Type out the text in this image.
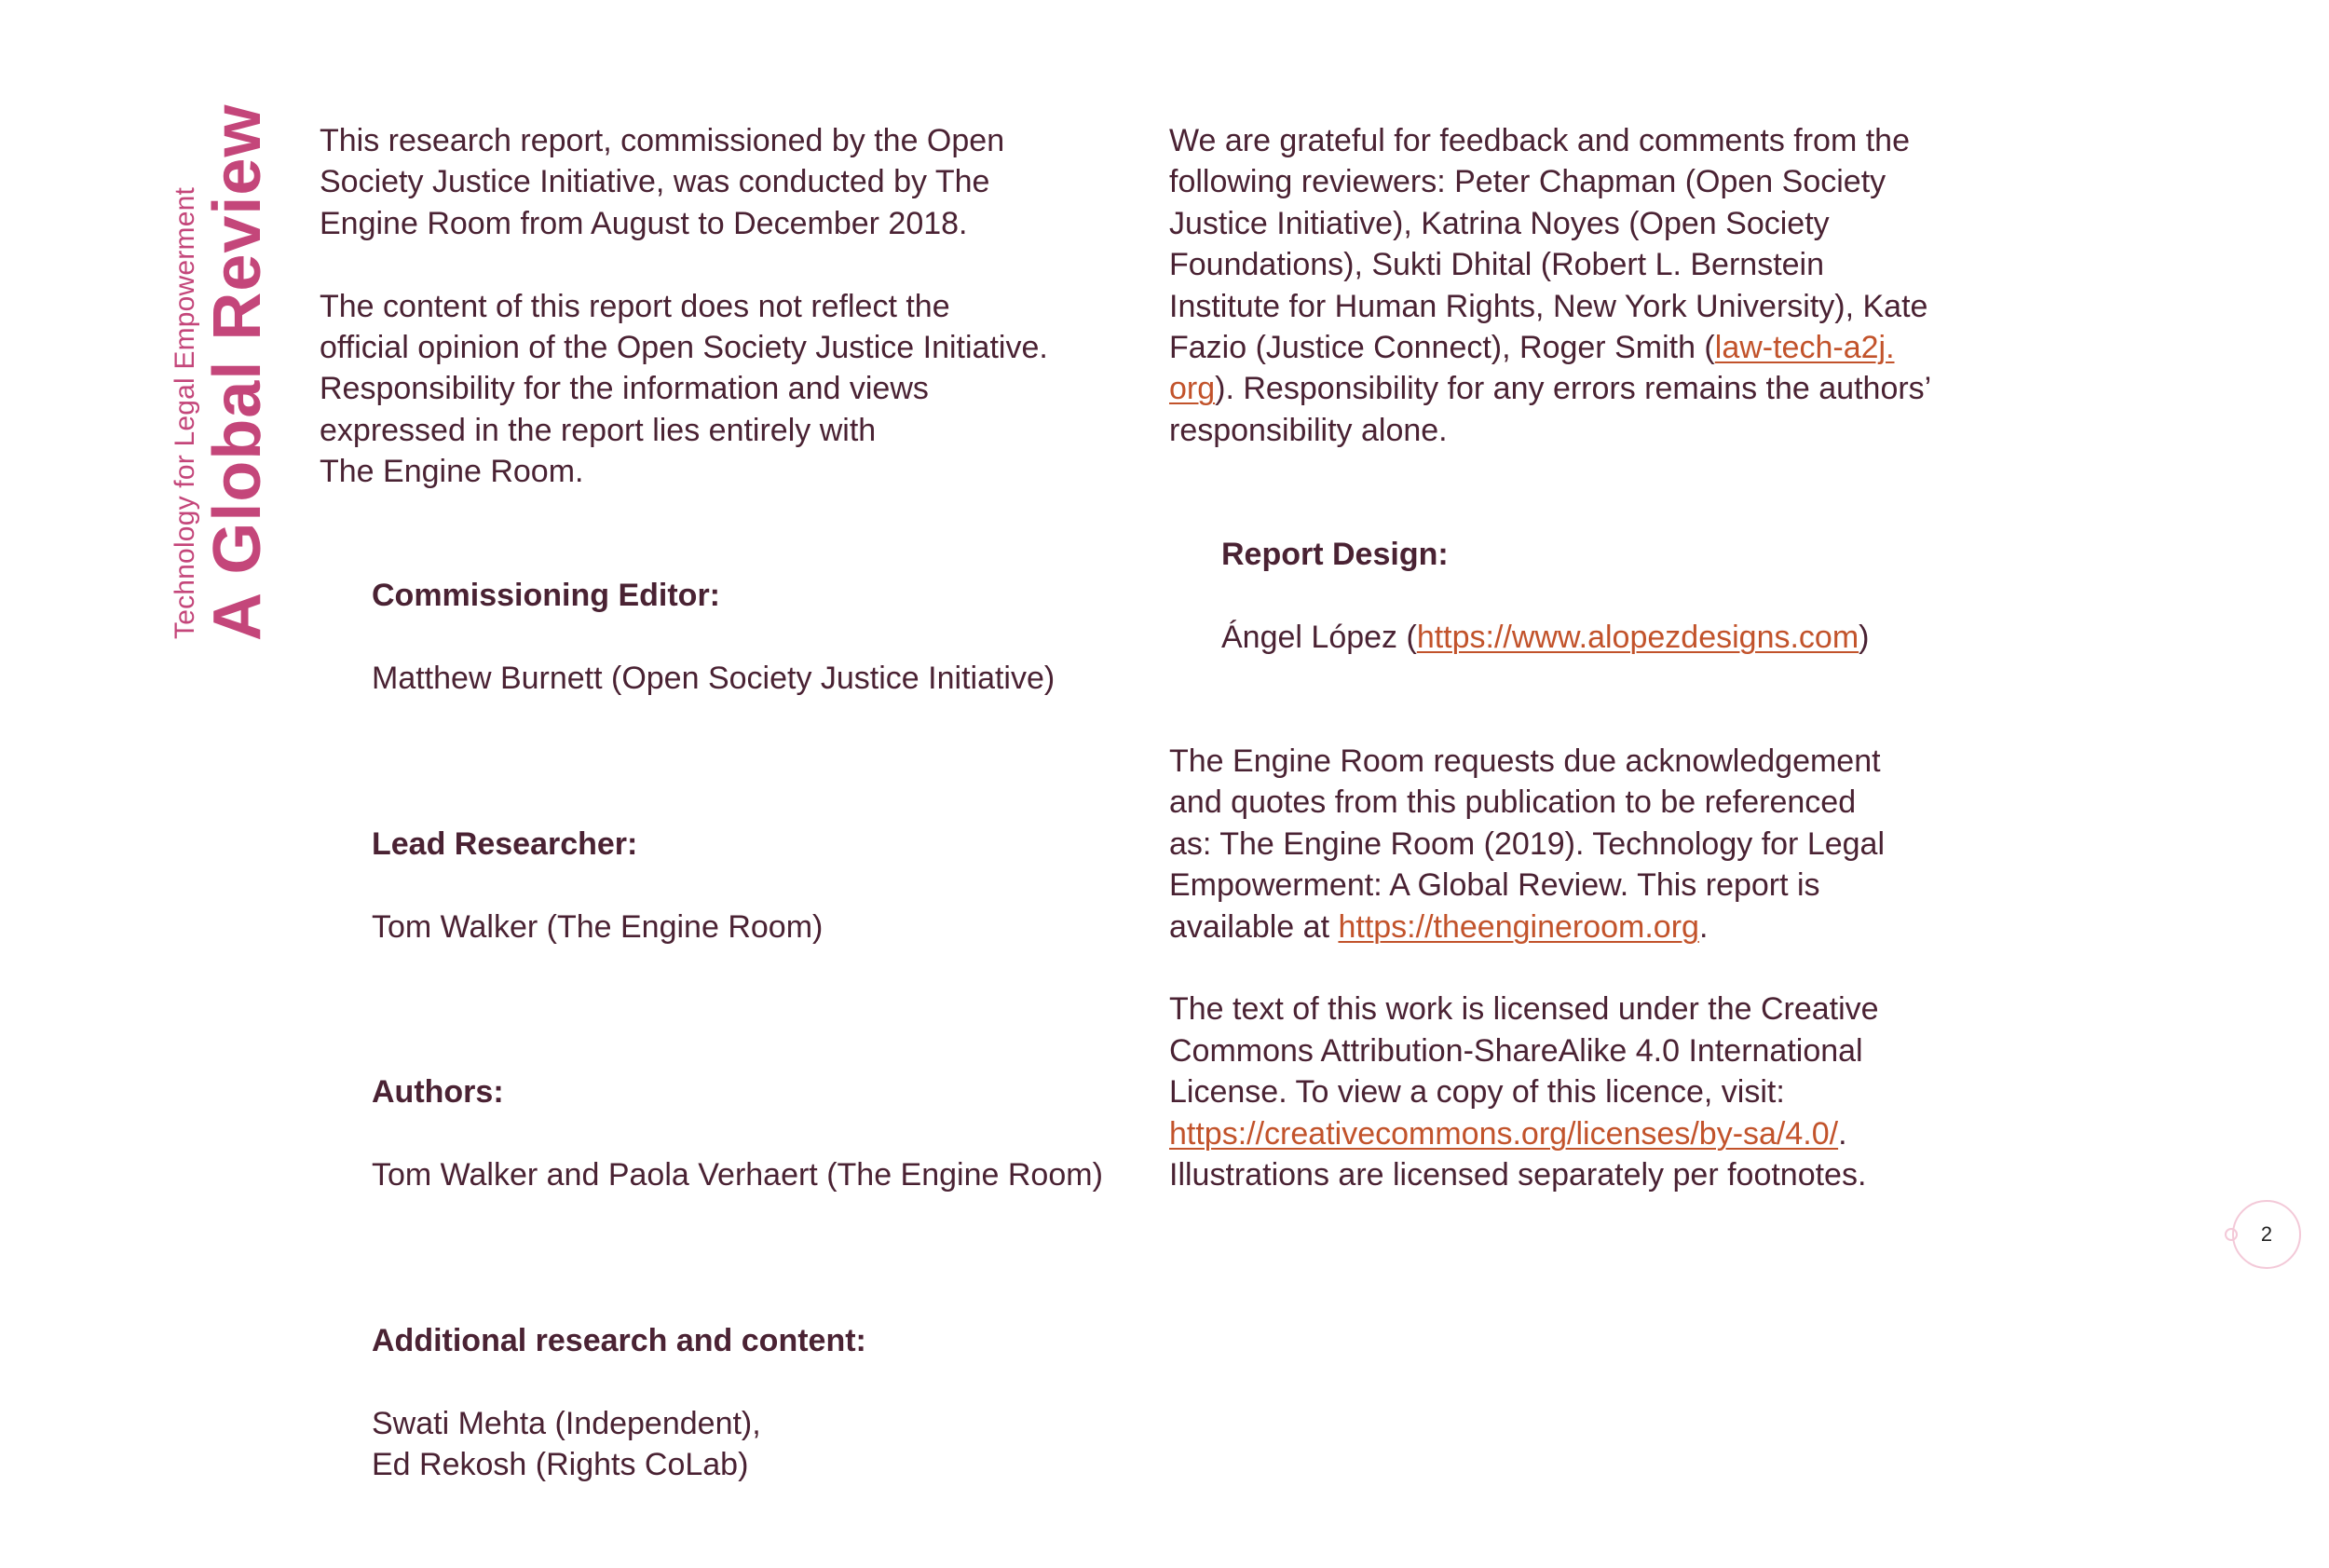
Technology for Legal Empowerment A Global Review This research report, commissioned by the Open
Society Justice Initiative, was conducted by The
Engine Room from August to December 2018.

The content of this report does not reflect the
official opinion of the Open Society Justice Initiative.
Responsibility for the information and views
expressed in the report lies entirely with
The Engine Room.

Commissioning Editor:

Matthew Burnett (Open Society Justice Initiative)

Lead Researcher:

Tom Walker (The Engine Room)

Authors:

Tom Walker and Paola Verhaert (The Engine Room)

Additional research and content:

Swati Mehta (Independent),
Ed Rekosh (Rights CoLab)

We are grateful for feedback and comments from the
following reviewers: Peter Chapman (Open Society
Justice Initiative), Katrina Noyes (Open Society
Foundations), Sukti Dhital (Robert L. Bernstein
Institute for Human Rights, New York University), Kate
Fazio (Justice Connect), Roger Smith (law-tech-a2j.
org). Responsibility for any errors remains the authors’
responsibility alone.

Report Design:

Ángel López (https://www.alopezdesigns.com)

The Engine Room requests due acknowledgement
and quotes from this publication to be referenced
as: The Engine Room (2019). Technology for Legal
Empowerment: A Global Review. This report is
available at https://theengineroom.org.

The text of this work is licensed under the Creative
Commons Attribution-ShareAlike 4.0 International
License. To view a copy of this licence, visit:
https://creativecommons.org/licenses/by-sa/4.0/.
Illustrations are licensed separately per footnotes.

2
